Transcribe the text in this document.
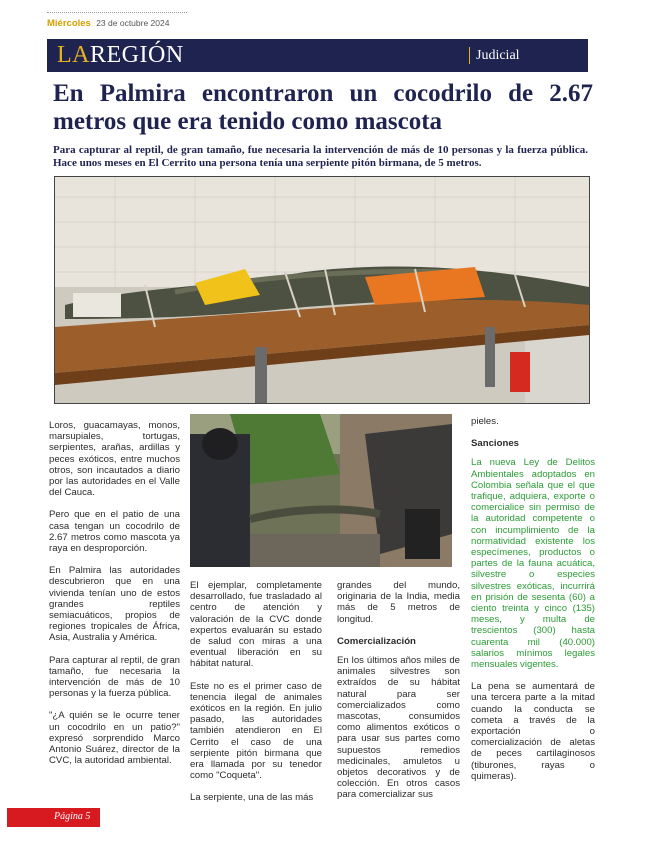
Miércoles 23 de octubre 2024
LAREGIÓN	Judicial
En Palmira encontraron un cocodrilo de 2.67 metros que era tenido como mascota
Para capturar al reptil, de gran tamaño, fue necesaria la intervención de más de 10 personas y la fuerza pública. Hace unos meses en El Cerrito una persona tenía una serpiente pitón birmana, de 5 metros.

Loros, guacamayas, monos, marsupiales, tortugas, serpientes, arañas, ardillas y peces exóticos, entre muchos otros, son incautados a diario por las autoridades en el Valle del Cauca.

Pero que en el patio de una casa tengan un cocodrilo de 2.67 metros como mascota ya raya en desproporción.

En Palmira las autoridades descubrieron que en una vivienda tenían uno de estos grandes reptiles semiacuáticos, propios de regiones tropicales de África, Asia, Australia y América.

Para capturar al reptil, de gran tamaño, fue necesaria la intervención de más de 10 personas y la fuerza pública.

"¿A quién se le ocurre tener un cocodrilo en un patio?" expresó sorprendido Marco Antonio Suárez, director de la CVC, la autoridad ambiental.

El ejemplar, completamente desarrollado, fue trasladado al centro de atención y valoración de la CVC donde expertos evaluarán su estado de salud con miras a una eventual liberación en su hábitat natural.

Este no es el primer caso de tenencia ilegal de animales exóticos en la región. En julio pasado, las autoridades también atendieron en El Cerrito el caso de una serpiente pitón birmana que era llamada por su tenedor como "Coqueta".

La serpiente, una de las más

grandes del mundo, originaria de la India, media más de 5 metros de longitud.

Comercialización

En los últimos años miles de animales silvestres son extraídos de su hábitat natural para ser comercializados como mascotas, consumidos como alimentos exóticos o para usar sus partes como supuestos remedios medicinales, amuletos u objetos decorativos y de colección. En otros casos para comercializar sus

pieles.

Sanciones

La nueva Ley de Delitos Ambientales adoptados en Colombia señala que el que trafique, adquiera, exporte o comercialice sin permiso de la autoridad competente o con incumplimiento de la normatividad existente los especímenes, productos o partes de la fauna acuática, silvestre o especies silvestres exóticas, incurrirá en prisión de sesenta (60) a ciento treinta y cinco (135) meses, y multa de trescientos (300) hasta cuarenta mil (40.000) salarios mínimos legales mensuales vigentes.

La pena se aumentará de una tercera parte a la mitad cuando la conducta se cometa a través de la exportación o comercialización de aletas de peces cartilaginosos (tiburones, rayas o quimeras).

Página 5
